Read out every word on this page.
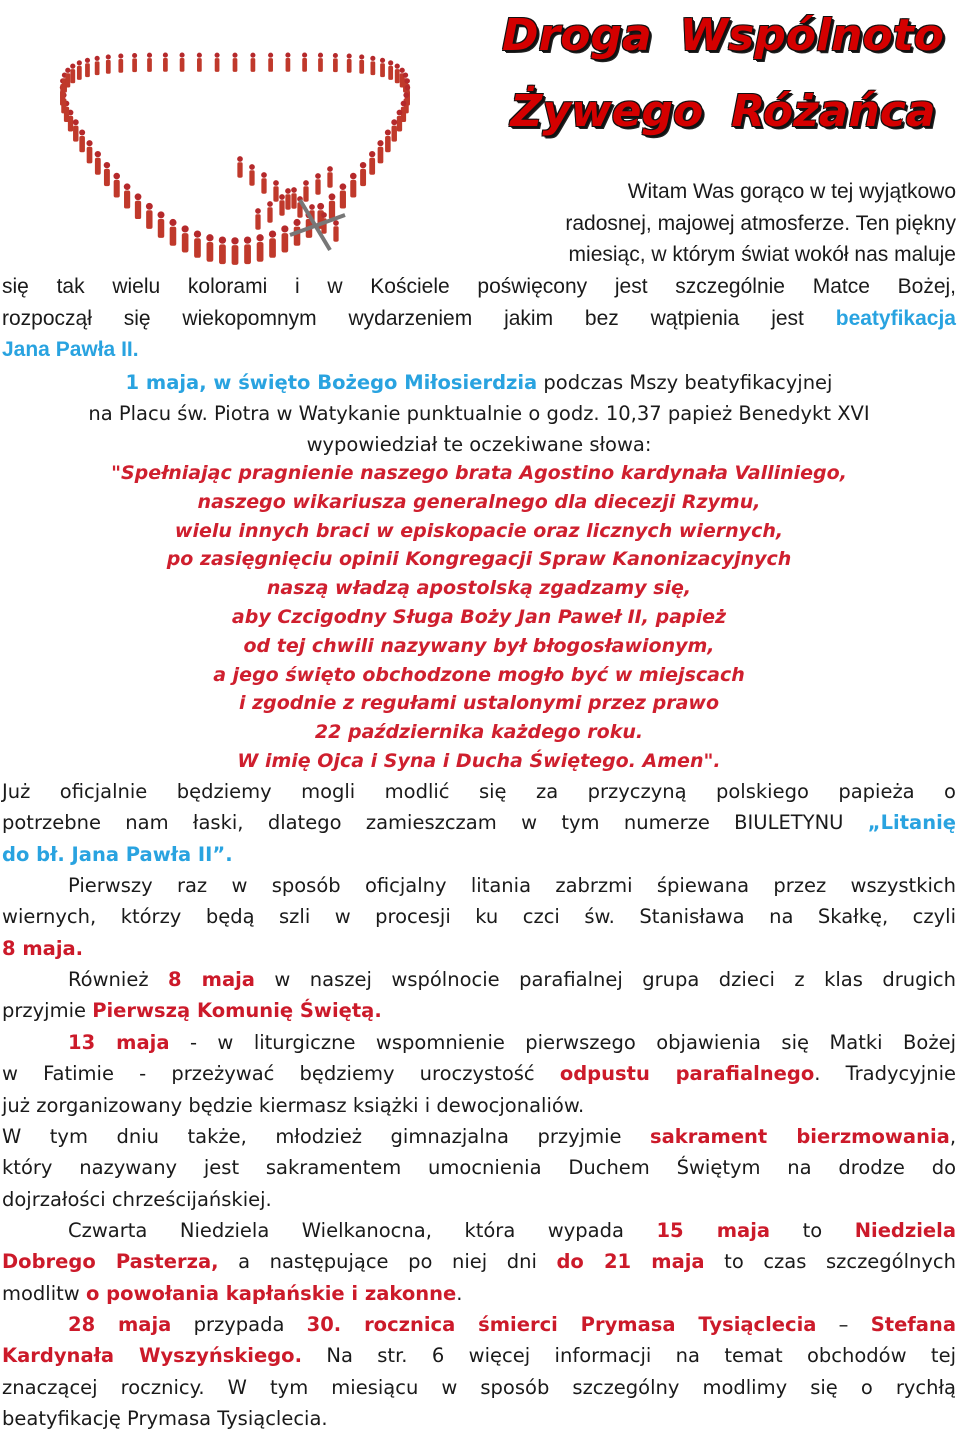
Droga Wspólnoto
Żywego Różańca
Witam Was gorąco w tej wyjątkowo
radosnej, majowej atmosferze. Ten piękny
miesiąc, w którym świat wokół nas maluje
się tak wielu kolorami i w Kościele poświęcony jest szczególnie Matce Bożej,
rozpoczął się wiekopomnym wydarzeniem jakim bez wątpienia jest beatyfikacja
Jana Pawła II.
1 maja, w święto Bożego Miłosierdzia podczas Mszy beatyfikacyjnej
na Placu św. Piotra w Watykanie punktualnie o godz. 10,37 papież Benedykt XVI
wypowiedział te oczekiwane słowa:
"Spełniając pragnienie naszego brata Agostino kardynała Valliniego,
naszego wikariusza generalnego dla diecezji Rzymu,
wielu innych braci w episkopacie oraz licznych wiernych,
po zasięgnięciu opinii Kongregacji Spraw Kanonizacyjnych
naszą władzą apostolską zgadzamy się,
aby Czcigodny Sługa Boży Jan Paweł II, papież
od tej chwili nazywany był błogosławionym,
a jego święto obchodzone mogło być w miejscach
i zgodnie z regułami ustalonymi przez prawo
22 października każdego roku.
W imię Ojca i Syna i Ducha Świętego. Amen".
Już oficjalnie będziemy mogli modlić się za przyczyną polskiego papieża o
potrzebne nam łaski, dlatego zamieszczam w tym numerze BIULETYNU „Litanię
do bł. Jana Pawła II”.
Pierwszy raz w sposób oficjalny litania zabrzmi śpiewana przez wszystkich
wiernych, którzy będą szli w procesji ku czci św. Stanisława na Skałkę, czyli
8 maja.
Również 8 maja w naszej wspólnocie parafialnej grupa dzieci z klas drugich
przyjmie Pierwszą Komunię Świętą.
13 maja - w liturgiczne wspomnienie pierwszego objawienia się Matki Bożej
w Fatimie - przeżywać będziemy uroczystość odpustu parafialnego. Tradycyjnie
już zorganizowany będzie kiermasz książki i dewocjonaliów.
W tym dniu także, młodzież gimnazjalna przyjmie sakrament bierzmowania,
który nazywany jest sakramentem umocnienia Duchem Świętym na drodze do
dojrzałości chrześcijańskiej.
Czwarta Niedziela Wielkanocna, która wypada 15 maja to Niedziela
Dobrego Pasterza, a następujące po niej dni do 21 maja to czas szczególnych
modlitw o powołania kapłańskie i zakonne.
28 maja przypada 30. rocznica śmierci Prymasa Tysiąclecia – Stefana
Kardynała Wyszyńskiego. Na str. 6 więcej informacji na temat obchodów tej
znaczącej rocznicy. W tym miesiącu w sposób szczególny modlimy się o rychłą
beatyfikację Prymasa Tysiąclecia.
